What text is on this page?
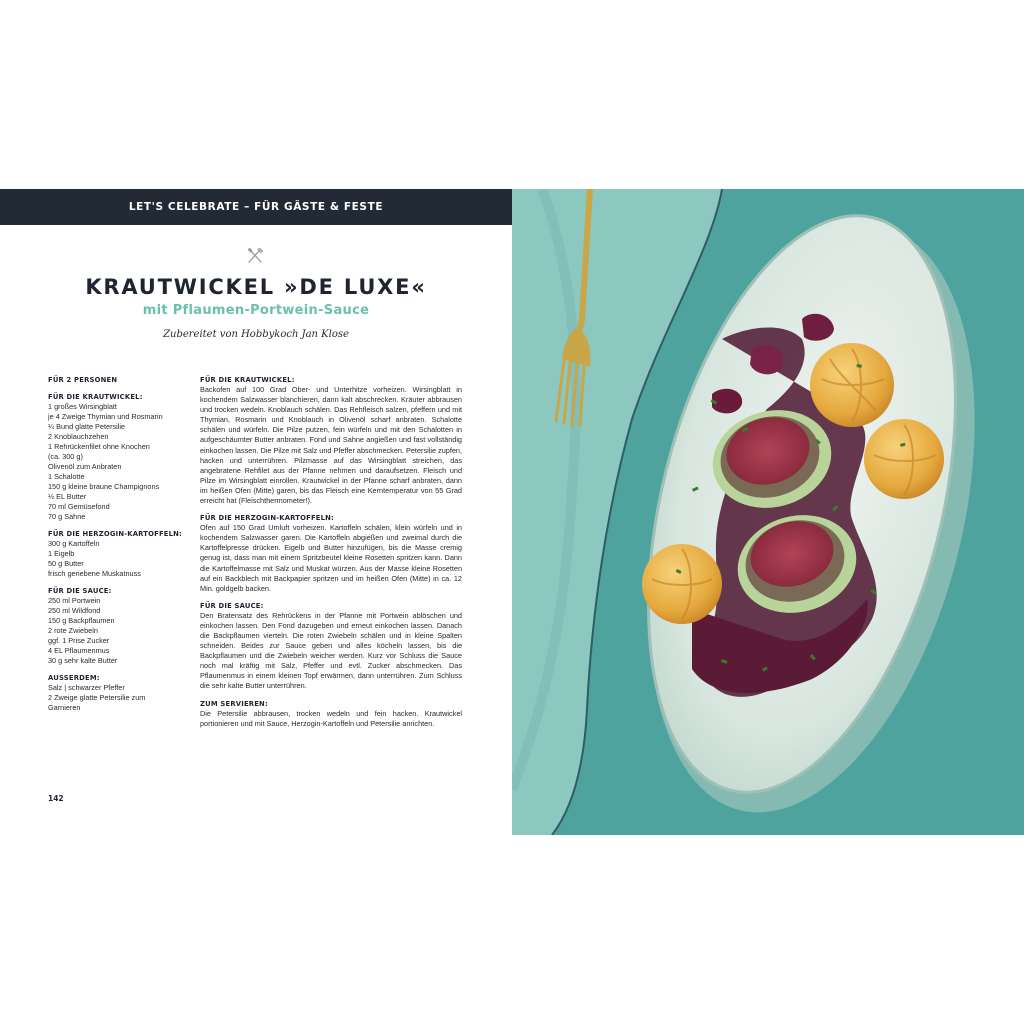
LET'S CELEBRATE – FÜR GÄSTE & FESTE
KRAUTWICKEL »DE LUXE«
mit Pflaumen-Portwein-Sauce
Zubereitet von Hobbykoch Jan Klose
FÜR 2 PERSONEN
FÜR DIE KRAUTWICKEL:
1 großes Wirsingblatt
je 4 Zweige Thymian und Rosmarin
¼ Bund glatte Petersilie
2 Knoblauchzehen
1 Rehrückenfilet ohne Knochen
(ca. 300 g)
Olivenöl zum Anbraten
1 Schalotte
150 g kleine braune Champignons
½ EL Butter
70 ml Gemüsefond
70 g Sahne
FÜR DIE HERZOGIN-KARTOFFELN:
300 g Kartoffeln
1 Eigelb
50 g Butter
frisch geriebene Muskatnuss
FÜR DIE SAUCE:
250 ml Portwein
250 ml Wildfond
150 g Backpflaumen
2 rote Zwiebeln
ggf. 1 Prise Zucker
4 EL Pflaumenmus
30 g sehr kalte Butter
AUSSERDEM:
Salz | schwarzer Pfeffer
2 Zweige glatte Petersilie zum
Garnieren
FÜR DIE KRAUTWICKEL:
Backofen auf 100 Grad Ober- und Unterhitze vorheizen. Wirsingblatt in kochendem Salzwasser blanchieren, dann kalt abschrecken. Kräuter abbrausen und trocken wedeln. Knoblauch schälen. Das Rehfleisch salzen, pfeffern und mit Thymian, Rosmarin und Knoblauch in Olivenöl scharf anbraten. Schalotte schälen und würfeln. Die Pilze putzen, fein würfeln und mit den Schalotten in aufgeschäumter Butter anbraten. Fond und Sahne angießen und fast vollständig einkochen lassen. Die Pilze mit Salz und Pfeffer abschmecken. Petersilie zupfen, hacken und unterrühren. Pilzmasse auf das Wirsingblatt streichen, das angebratene Rehfilet aus der Pfanne nehmen und daraufsetzen. Fleisch und Pilze im Wirsingblatt einrollen. Krautwickel in der Pfanne scharf anbraten, dann im heißen Ofen (Mitte) garen, bis das Fleisch eine Kerntemperatur von 55 Grad erreicht hat (Fleischthermometer!).
FÜR DIE HERZOGIN-KARTOFFELN:
Ofen auf 150 Grad Umluft vorheizen. Kartoffeln schälen, klein würfeln und in kochendem Salzwasser garen. Die Kartoffeln abgießen und zweimal durch die Kartoffelpresse drücken. Eigelb und Butter hinzufügen, bis die Masse cremig genug ist, dass man mit einem Spritzbeutel kleine Rosetten spritzen kann. Dann die Kartoffelmasse mit Salz und Muskat würzen. Aus der Masse kleine Rosetten auf ein Backblech mit Backpapier spritzen und im heißen Ofen (Mitte) in ca. 12 Min. goldgelb backen.
FÜR DIE SAUCE:
Den Bratensatz des Rehrückens in der Pfanne mit Portwein ablöschen und einkochen lassen. Den Fond dazugeben und erneut einkochen lassen. Danach die Backpflaumen vierteln. Die roten Zwiebeln schälen und in kleine Spalten schneiden. Beides zur Sauce geben und alles köcheln lassen, bis die Backpflaumen und die Zwiebeln weicher werden. Kurz vor Schluss die Sauce noch mal kräftig mit Salz, Pfeffer und evtl. Zucker abschmecken. Das Pflaumenmus in einem kleinen Topf erwärmen, dann unterrühren. Zum Schluss die sehr kalte Butter unterrühren.
ZUM SERVIEREN:
Die Petersilie abbrausen, trocken wedeln und fein hacken. Krautwickel portionieren und mit Sauce, Herzogin-Kartoffeln und Petersilie anrichten.
142
